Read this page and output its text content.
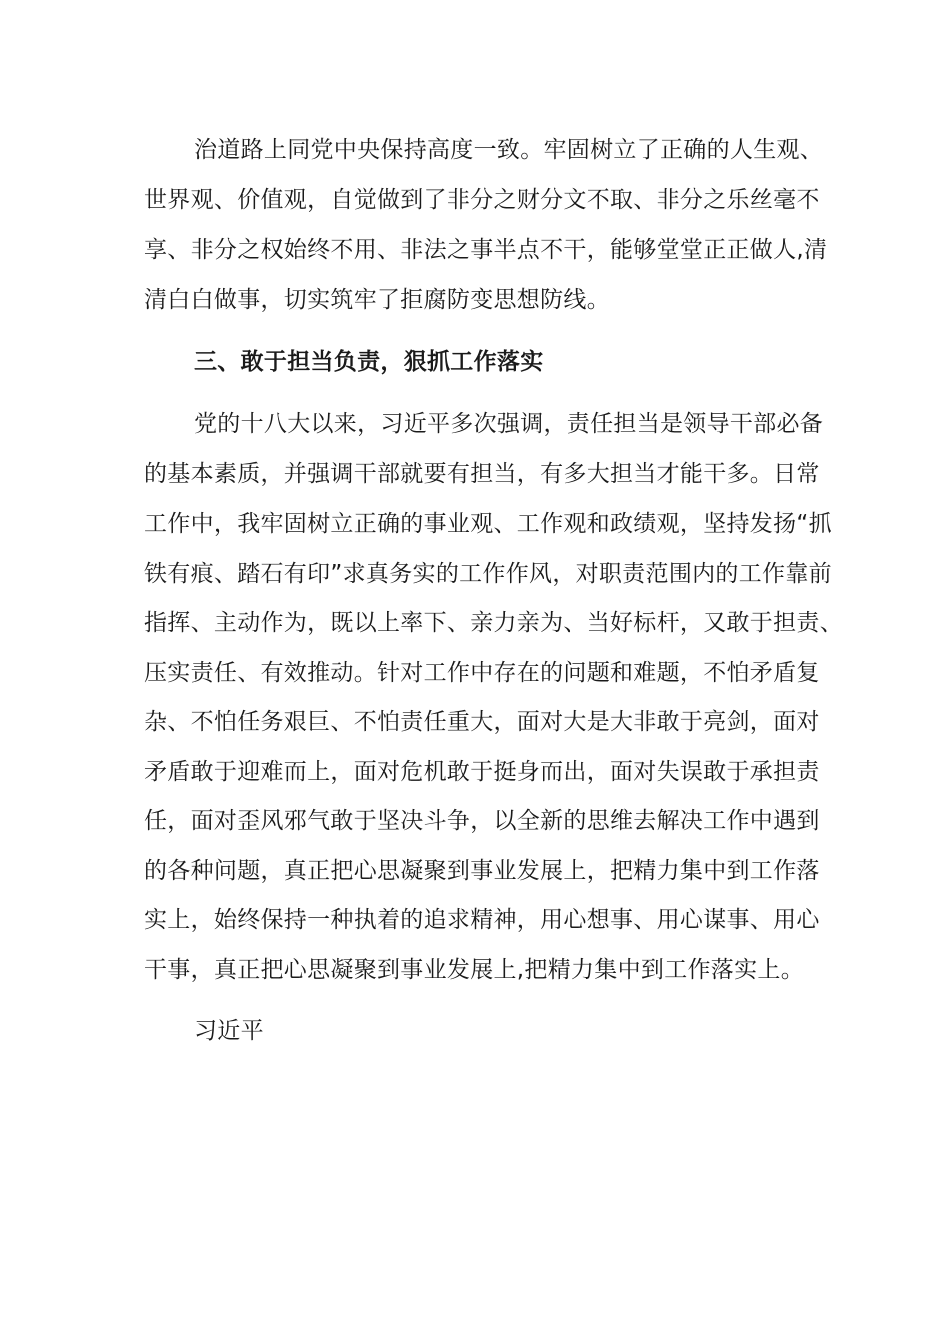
治道路上同党中央保持高度一致。牢固树立了正确的人生观、
世界观、价值观，自觉做到了非分之财分文不取、非分之乐丝毫不
享、非分之权始终不用、非法之事半点不干，能够堂堂正正做人,清
清白白做事，切实筑牢了拒腐防变思想防线。
三、敢于担当负责，狠抓工作落实
党的十八大以来，习近平多次强调，责任担当是领导干部必备
的基本素质，并强调干部就要有担当，有多大担当才能干多。日常
工作中，我牢固树立正确的事业观、工作观和政绩观，坚持发扬“抓
铁有痕、踏石有印”求真务实的工作作风，对职责范围内的工作靠前
指挥、主动作为，既以上率下、亲力亲为、当好标杆，又敢于担责、
压实责任、有效推动。针对工作中存在的问题和难题，不怕矛盾复
杂、不怕任务艰巨、不怕责任重大，面对大是大非敢于亮剑，面对
矛盾敢于迎难而上，面对危机敢于挺身而出，面对失误敢于承担责
任，面对歪风邪气敢于坚决斗争，以全新的思维去解决工作中遇到
的各种问题，真正把心思凝聚到事业发展上，把精力集中到工作落
实上，始终保持一种执着的追求精神，用心想事、用心谋事、用心
干事，真正把心思凝聚到事业发展上,把精力集中到工作落实上。
习近平
